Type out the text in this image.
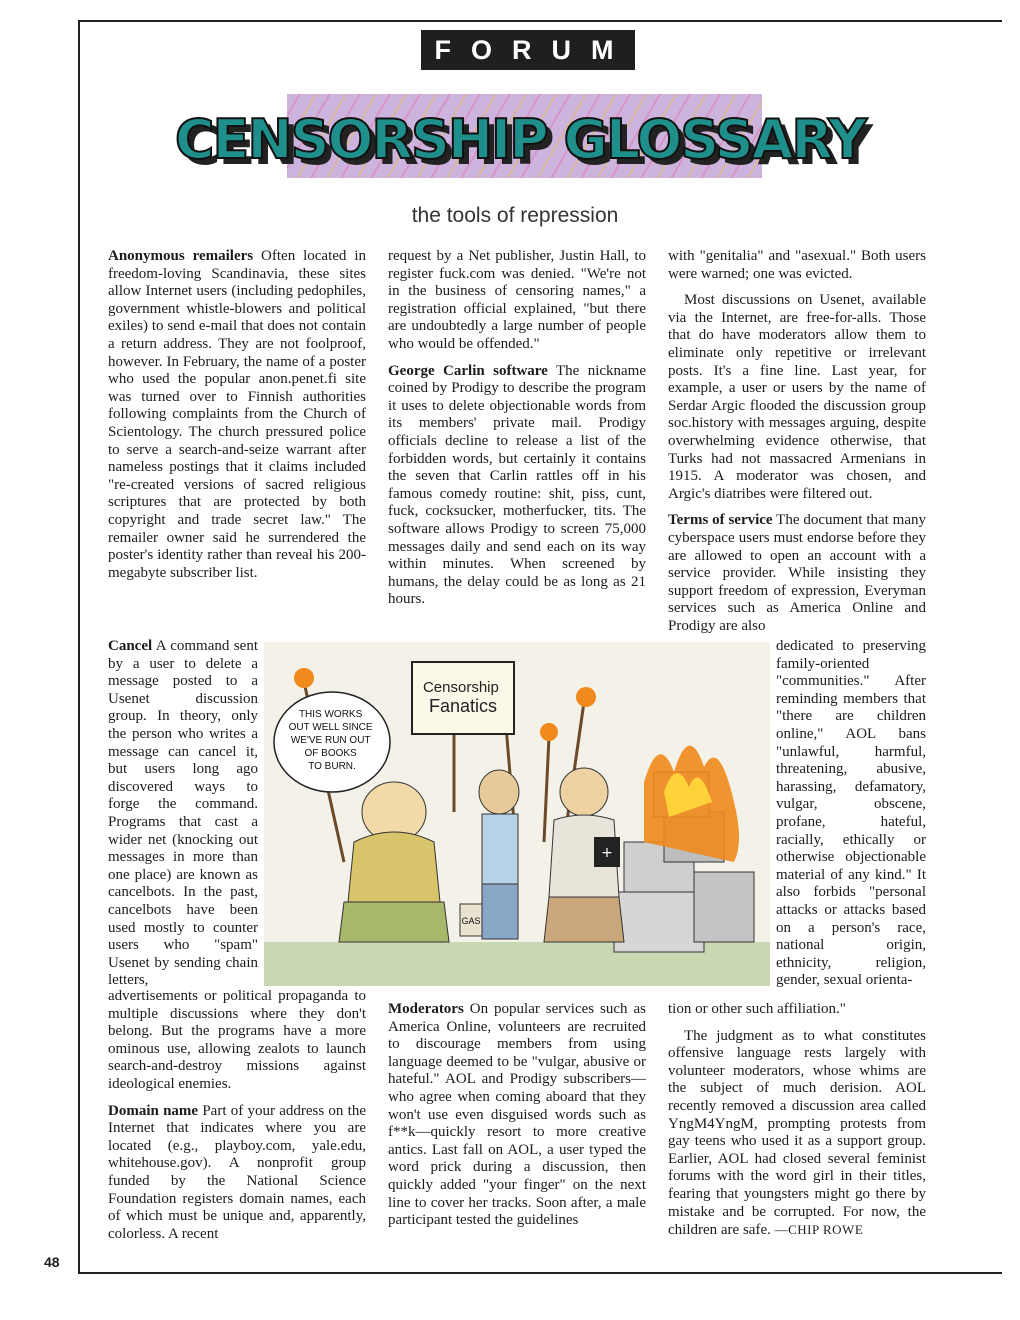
FORUM
CENSORSHIP GLOSSARY
the tools of repression

Anonymous remailers Often located in freedom-loving Scandinavia, these sites allow Internet users (including pedophiles, government whistle-blowers and political exiles) to send e-mail that does not contain a return address. They are not foolproof, however. In February, the name of a poster who used the popular anon.penet.fi site was turned over to Finnish authorities following complaints from the Church of Scientology. The church pressured police to serve a search-and-seize warrant after nameless postings that it claims included "re-created versions of sacred religious scriptures that are protected by both copyright and trade secret law." The remailer owner said he surrendered the poster's identity rather than reveal his 200-megabyte subscriber list.

Cancel A command sent by a user to delete a message posted to a Usenet discussion group. In theory, only the person who writes a message can cancel it, but users long ago discovered ways to forge the command. Programs that cast a wider net (knocking out messages in more than one place) are known as cancelbots. In the past, cancelbots have been used mostly to counter users who "spam" Usenet by sending chain letters,

advertisements or political propaganda to multiple discussions where they don't belong. But the programs have a more ominous use, allowing zealots to launch search-and-destroy missions against ideological enemies.

Domain name Part of your address on the Internet that indicates where you are located (e.g., playboy.com, yale.edu, whitehouse.gov). A nonprofit group funded by the National Science Foundation registers domain names, each of which must be unique and, apparently, colorless. A recent

request by a Net publisher, Justin Hall, to register fuck.com was denied. "We're not in the business of censoring names," a registration official explained, "but there are undoubtedly a large number of people who would be offended."

George Carlin software The nickname coined by Prodigy to describe the program it uses to delete objectionable words from its members' private mail. Prodigy officials decline to release a list of the forbidden words, but certainly it contains the seven that Carlin rattles off in his famous comedy routine: shit, piss, cunt, fuck, cocksucker, motherfucker, tits. The software allows Prodigy to screen 75,000 messages daily and send each on its way within minutes. When screened by humans, the delay could be as long as 21 hours.

Moderators On popular services such as America Online, volunteers are recruited to discourage members from using language deemed to be "vulgar, abusive or hateful." AOL and Prodigy subscribers—who agree when coming aboard that they won't use even disguised words such as f**k—quickly resort to more creative antics. Last fall on AOL, a user typed the word prick during a discussion, then quickly added "your finger" on the next line to cover her tracks. Soon after, a male participant tested the guidelines

with "genitalia" and "asexual." Both users were warned; one was evicted.

Most discussions on Usenet, available via the Internet, are free-for-alls. Those that do have moderators allow them to eliminate only repetitive or irrelevant posts. It's a fine line. Last year, for example, a user or users by the name of Serdar Argic flooded the discussion group soc.history with messages arguing, despite overwhelming evidence otherwise, that Turks had not massacred Armenians in 1915. A moderator was chosen, and Argic's diatribes were filtered out.

Terms of service The document that many cyberspace users must endorse before they are allowed to open an account with a service provider. While insisting they support freedom of expression, Everyman services such as America Online and Prodigy are also

dedicated to preserving family-oriented "communities." After reminding members that "there are children online," AOL bans "unlawful, harmful, threatening, abusive, harassing, defamatory, vulgar, obscene, profane, hateful, racially, ethically or otherwise objectionable material of any kind." It also forbids "personal attacks or attacks based on a person's race, national origin, ethnicity, religion, gender, sexual orienta-

tion or other such affiliation."

The judgment as to what constitutes offensive language rests largely with volunteer moderators, whose whims are the subject of much derision. AOL recently removed a discussion area called YngM4YngM, prompting protests from gay teens who used it as a support group. Earlier, AOL had closed several feminist forums with the word girl in their titles, fearing that youngsters might go there by mistake and be corrupted. For now, the children are safe. —CHIP ROWE

Censorship Fanatics
THIS WORKS OUT WELL SINCE WE'VE RUN OUT OF BOOKS TO BURN.
GAS
+
48
